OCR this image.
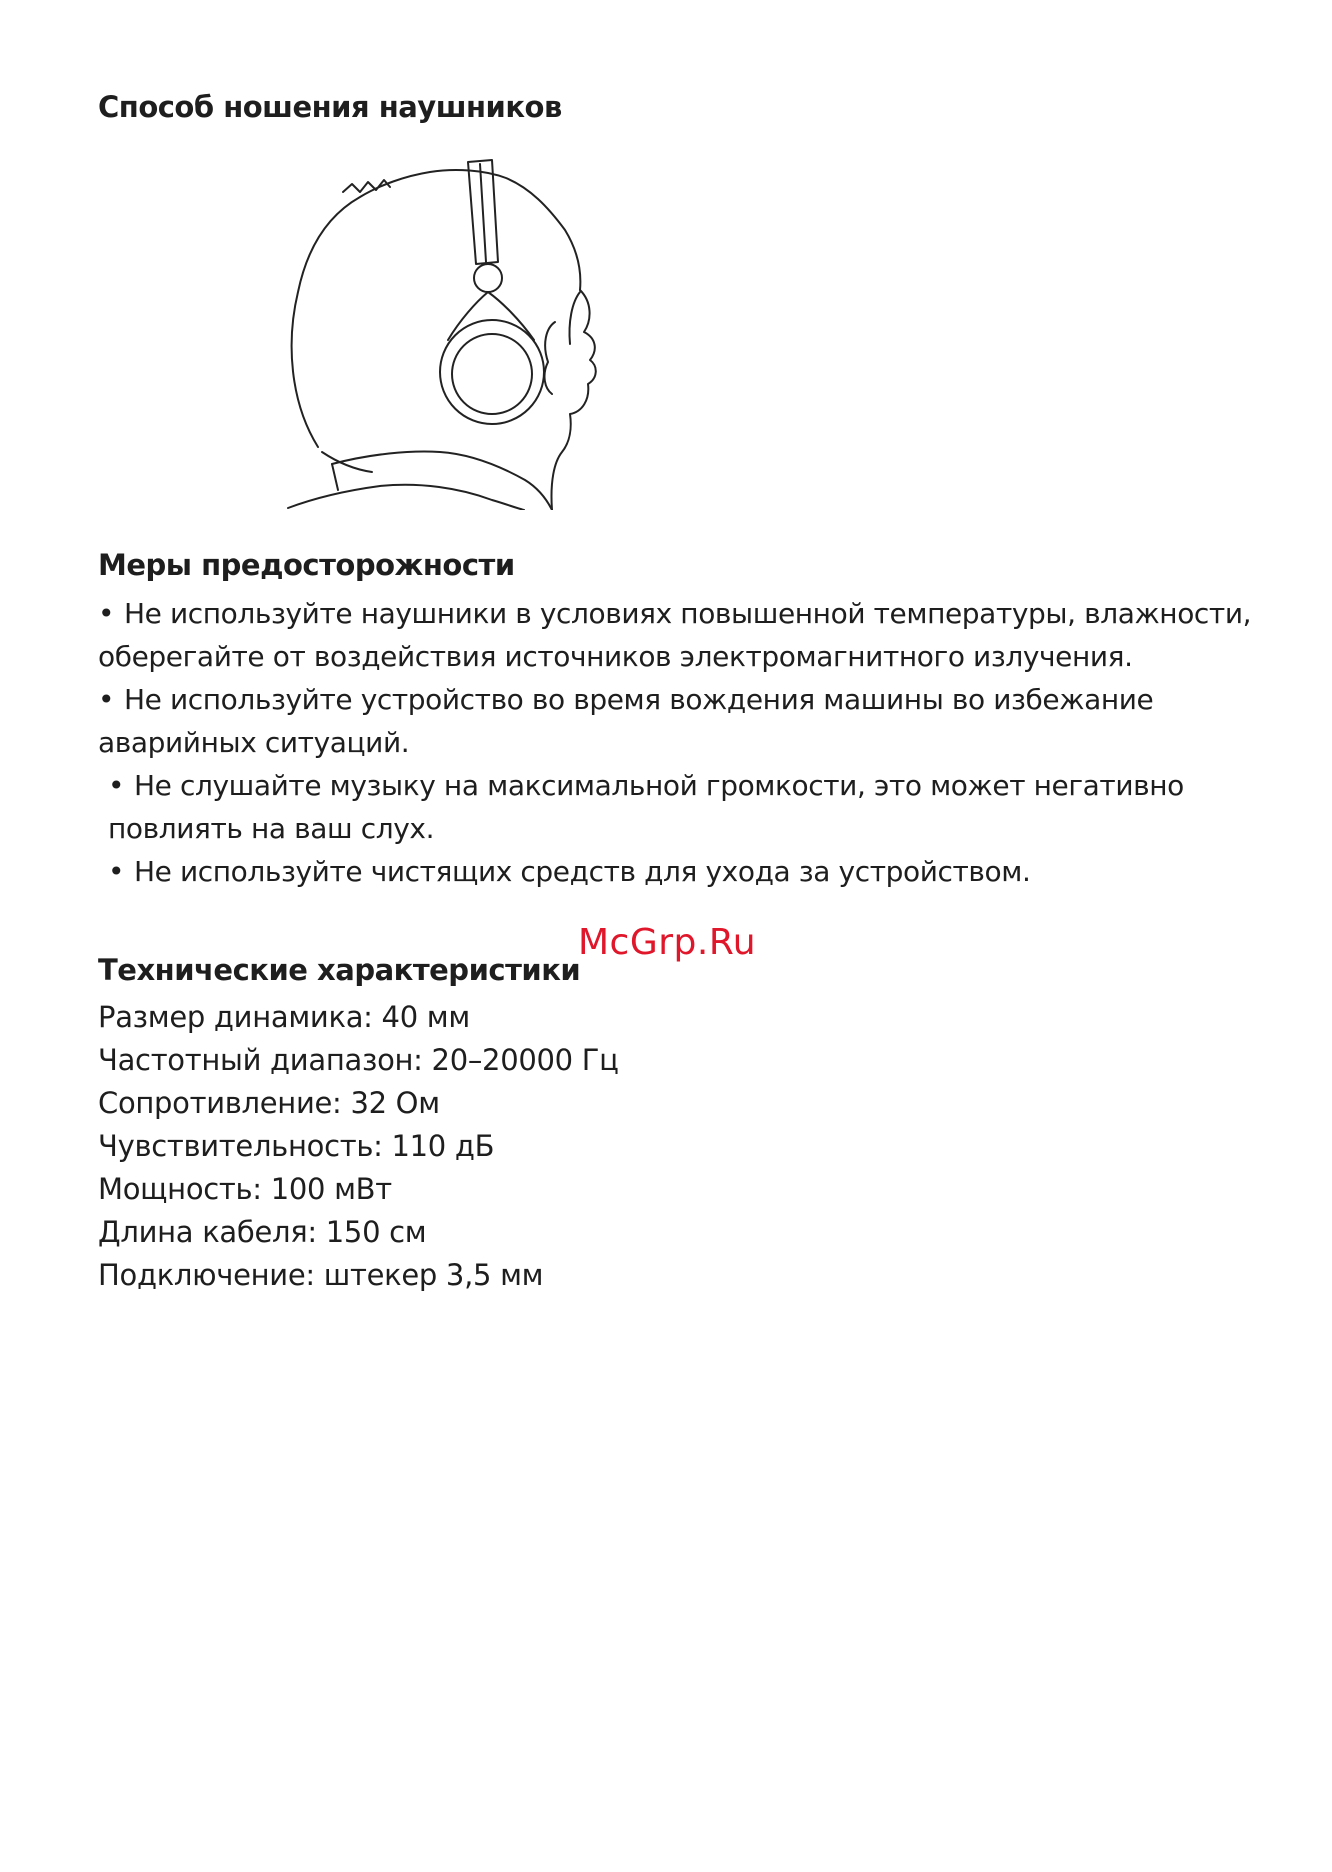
Способ ношения наушников
Меры предосторожности

• Не используйте наушники в условиях повышенной температуры, влажности, оберегайте от воздействия источников электромагнитного излучения.

• Не используйте устройство во время вождения машины во избежание аварийных ситуаций.

• Не слушайте музыку на максимальной громкости, это может негативно повлиять на ваш слух.

• Не используйте чистящих средств для ухода за устройством.

Технические характеристики
Размер динамика: 40 мм
Частотный диапазон: 20–20000 Гц
Сопротивление: 32 Ом
Чувствительность: 110 дБ
Мощность: 100 мВт
Длина кабеля: 150 см
Подключение: штекер 3,5 мм
McGrp.Ru
